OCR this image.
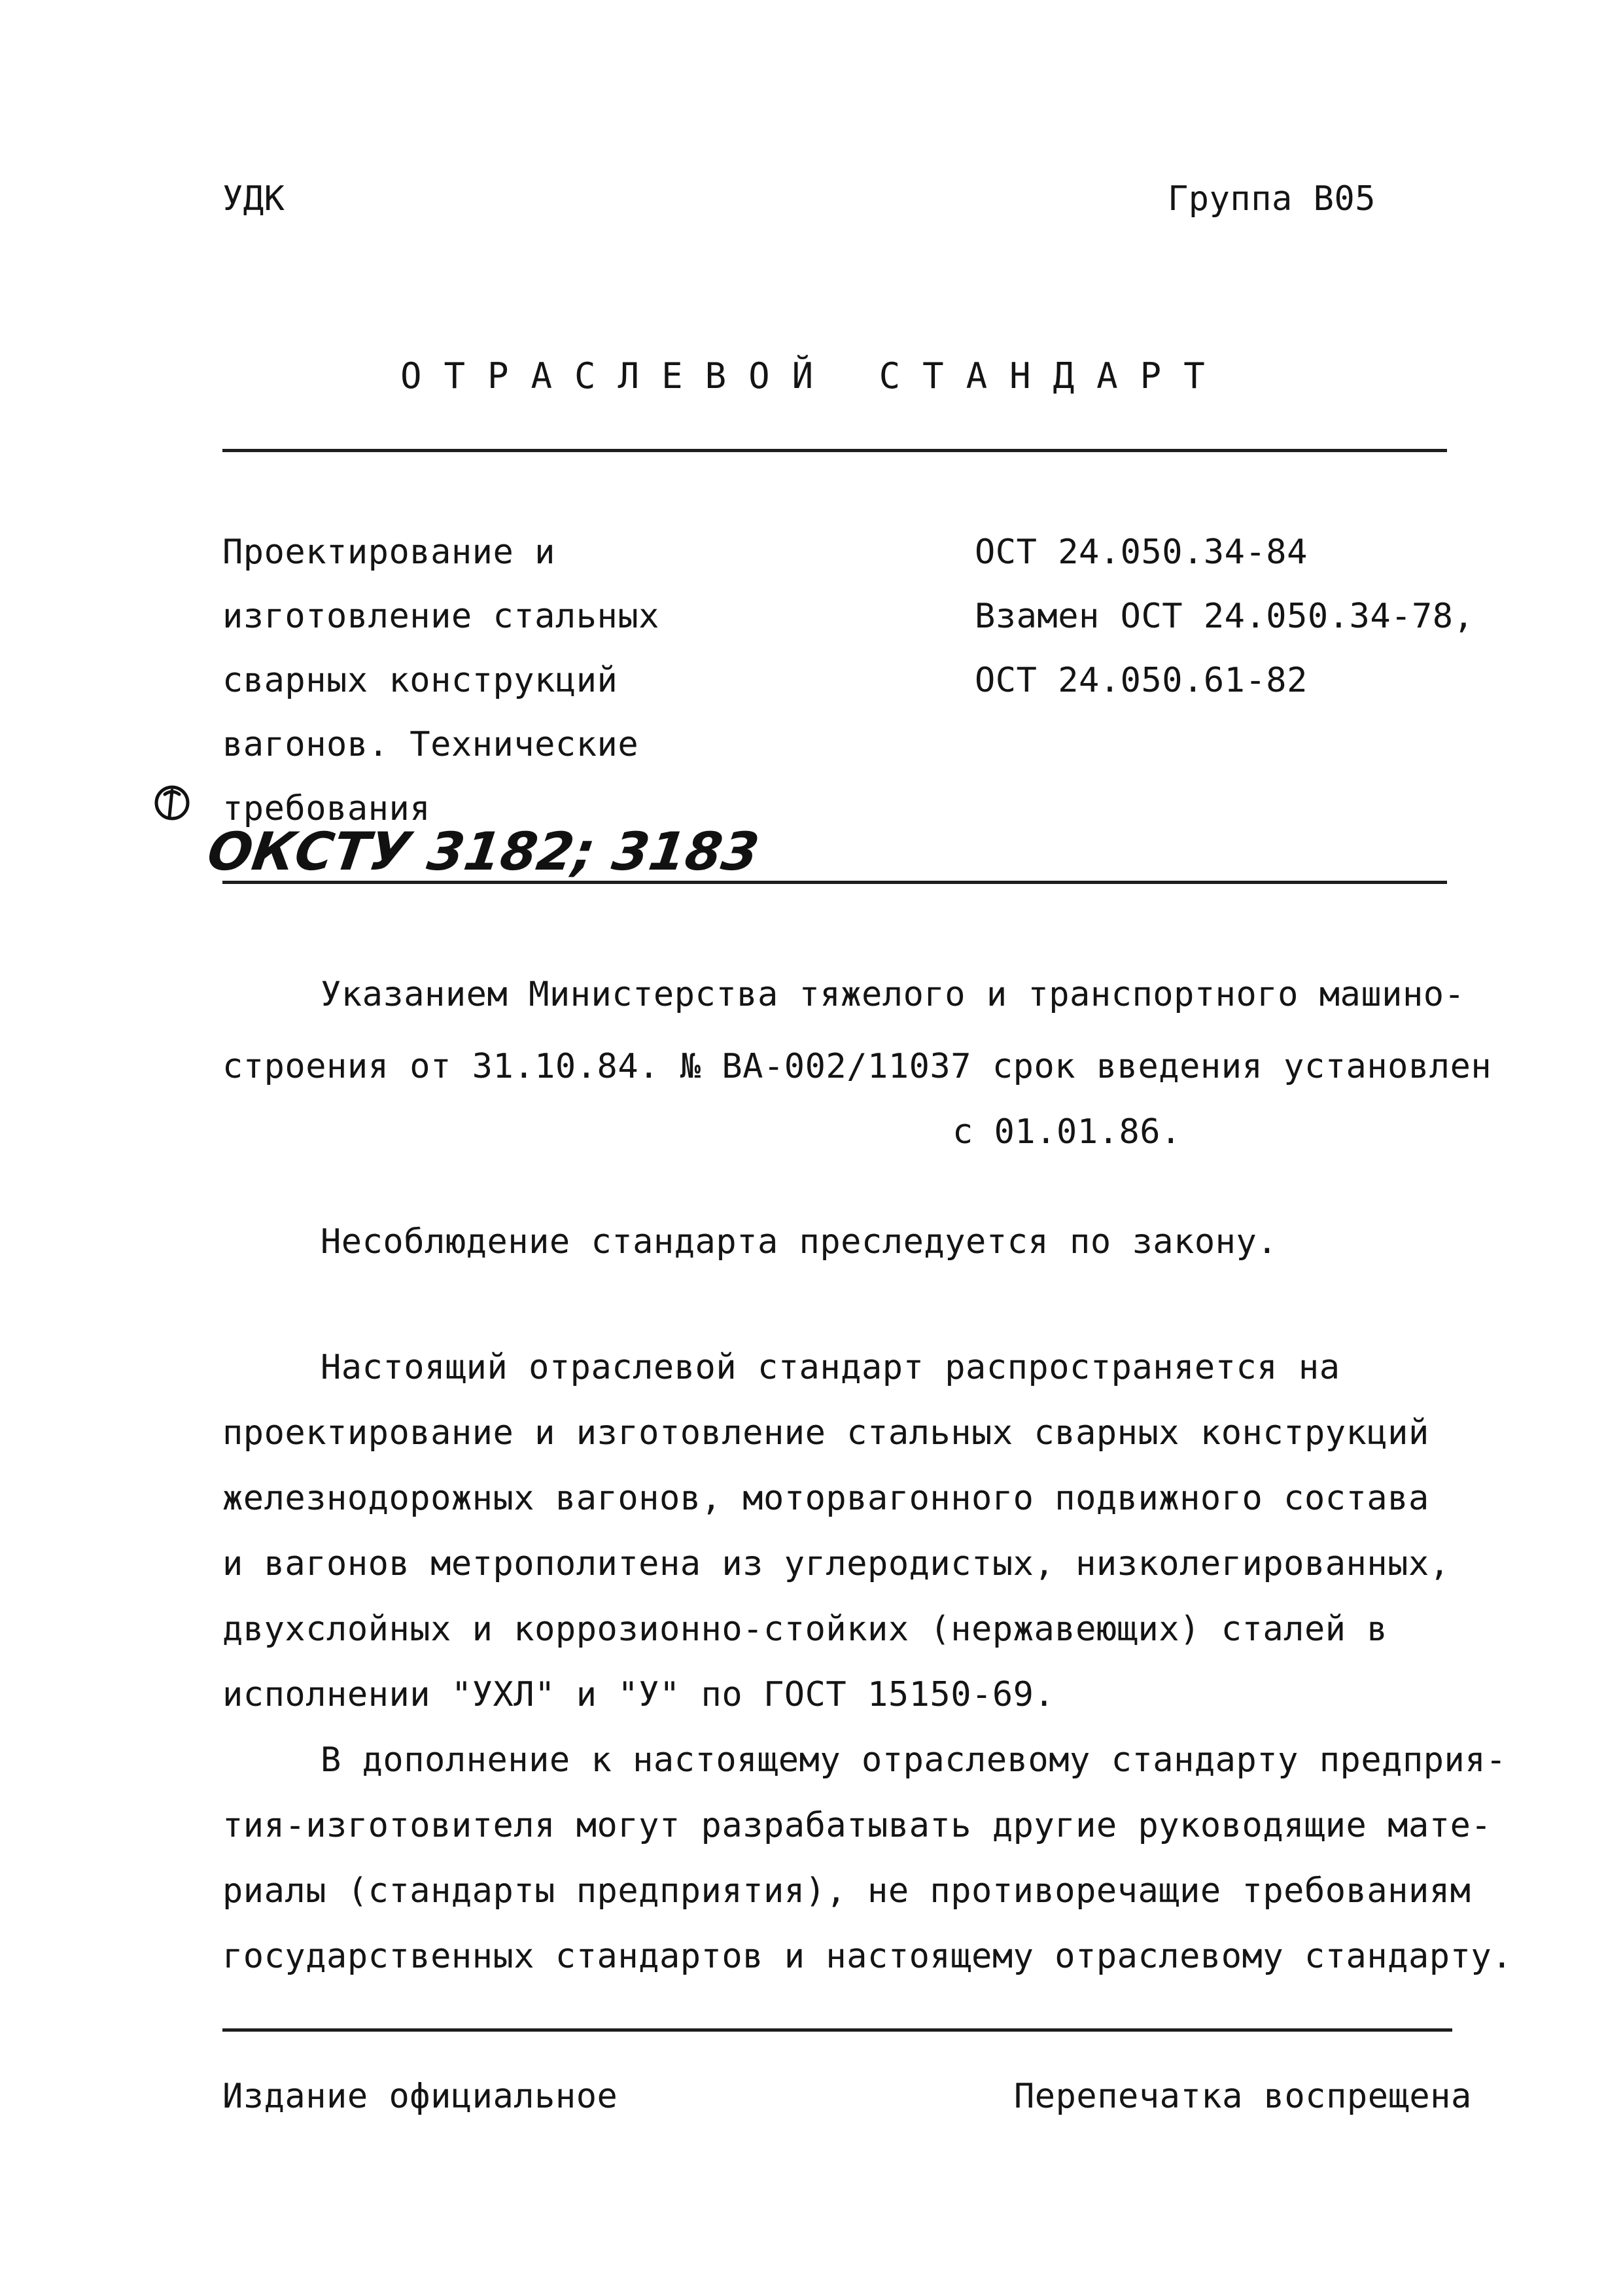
УДК	Группа В05
ОТРАСЛЕВОЙ СТАНДАРТ
Проектирование и
изготовление стальных
сварных конструкций
вагонов. Технические
требования
ОСТ 24.050.34-84
Взамен ОСТ 24.050.34-78,
ОСТ 24.050.61-82
ОКСТУ 3182; 3183
Указанием Министерства тяжелого и транспортного машино-
строения от 31.10.84. № ВА-002/11037 срок введения установлен
с 01.01.86.
Несоблюдение стандарта преследуется по закону.
Настоящий отраслевой стандарт распространяется на
проектирование и изготовление стальных сварных конструкций
железнодорожных вагонов, моторвагонного подвижного состава
и вагонов метрополитена из углеродистых, низколегированных,
двухслойных и коррозионно-стойких (нержавеющих) сталей в
исполнении "УХЛ" и "У" по ГОСТ 15150-69.
В дополнение к настоящему отраслевому стандарту предприя-
тия-изготовителя могут разрабатывать другие руководящие мате-
риалы (стандарты предприятия), не противоречащие требованиям
государственных стандартов и настоящему отраслевому стандарту.
Издание официальное	Перепечатка воспрещена
